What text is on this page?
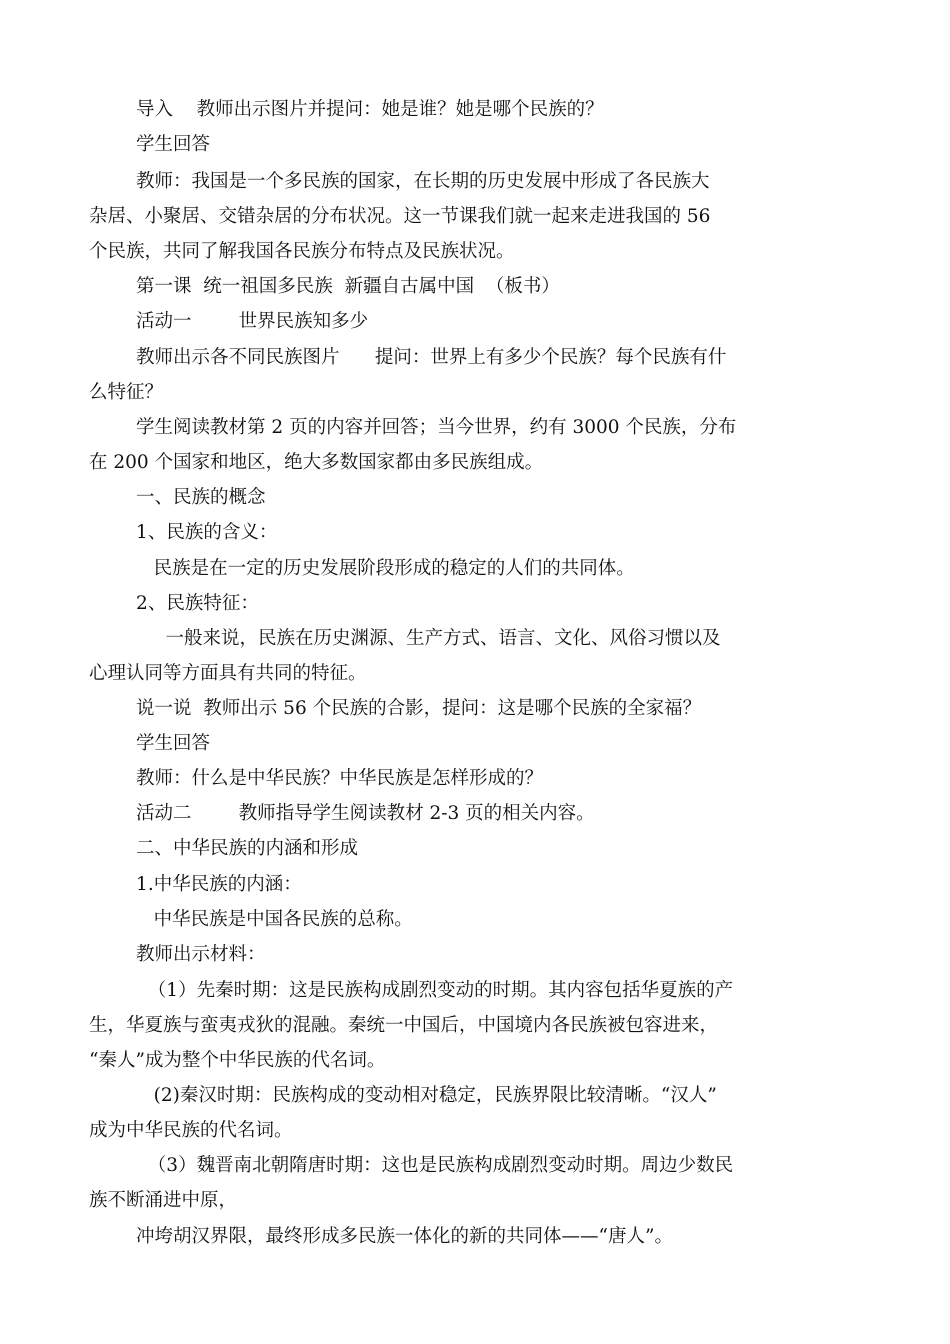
导入    教师出示图片并提问：她是谁？她是哪个民族的？
学生回答
教师：我国是一个多民族的国家，在长期的历史发展中形成了各民族大
杂居、小聚居、交错杂居的分布状况。这一节课我们就一起来走进我国的 56
个民族，共同了解我国各民族分布特点及民族状况。
第一课  统一祖国多民族  新疆自古属中国  （板书）
活动一        世界民族知多少
教师出示各不同民族图片      提问：世界上有多少个民族？每个民族有什
么特征？
学生阅读教材第 2 页的内容并回答；当今世界，约有 3000 个民族，分布
在 200 个国家和地区，绝大多数国家都由多民族组成。
一、民族的概念
1、民族的含义：
民族是在一定的历史发展阶段形成的稳定的人们的共同体。
2、民族特征：
一般来说，民族在历史渊源、生产方式、语言、文化、风俗习惯以及
心理认同等方面具有共同的特征。
说一说  教师出示 56 个民族的合影，提问：这是哪个民族的全家福？
学生回答
教师：什么是中华民族？中华民族是怎样形成的？
活动二        教师指导学生阅读教材 2-3 页的相关内容。
二、中华民族的内涵和形成
1.中华民族的内涵：
中华民族是中国各民族的总称。
教师出示材料：
（1）先秦时期：这是民族构成剧烈变动的时期。其内容包括华夏族的产
生，华夏族与蛮夷戎狄的混融。秦统一中国后，中国境内各民族被包容进来，
“秦人”成为整个中华民族的代名词。
(2)秦汉时期：民族构成的变动相对稳定，民族界限比较清晰。“汉人”
成为中华民族的代名词。
（3）魏晋南北朝隋唐时期：这也是民族构成剧烈变动时期。周边少数民
族不断涌进中原，
冲垮胡汉界限，最终形成多民族一体化的新的共同体——“唐人”。
